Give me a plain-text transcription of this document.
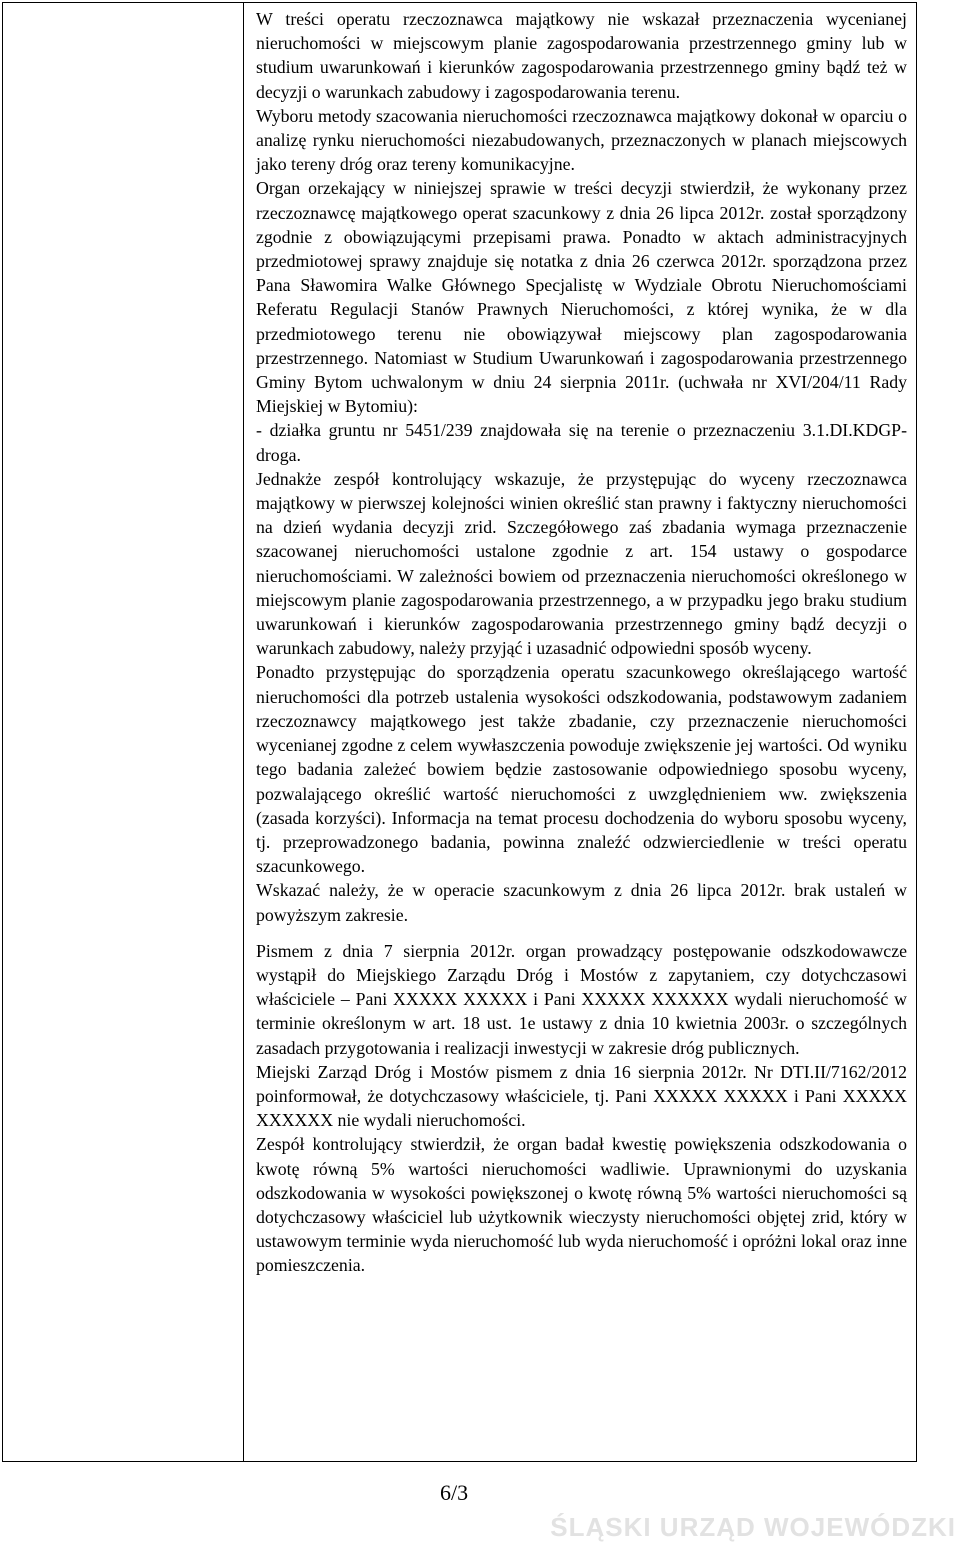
W treści operatu rzeczoznawca majątkowy nie wskazał przeznaczenia wycenianej nieruchomości w miejscowym planie zagospodarowania przestrzennego gminy lub w studium uwarunkowań i kierunków zagospodarowania przestrzennego gminy bądź też w decyzji o warunkach zabudowy i zagospodarowania terenu.

Wyboru metody szacowania nieruchomości rzeczoznawca majątkowy dokonał w oparciu o analizę rynku nieruchomości niezabudowanych, przeznaczonych w planach miejscowych jako tereny dróg oraz tereny komunikacyjne.

Organ orzekający w niniejszej sprawie w treści decyzji stwierdził, że wykonany przez rzeczoznawcę majątkowego operat szacunkowy z dnia 26 lipca 2012r. został sporządzony zgodnie z obowiązującymi przepisami prawa. Ponadto w aktach administracyjnych przedmiotowej sprawy znajduje się notatka z dnia 26 czerwca 2012r. sporządzona przez Pana Sławomira Walke Głównego Specjalistę w Wydziale Obrotu Nieruchomościami Referatu Regulacji Stanów Prawnych Nieruchomości, z której wynika, że w dla przedmiotowego terenu nie obowiązywał miejscowy plan zagospodarowania przestrzennego. Natomiast w Studium Uwarunkowań i zagospodarowania przestrzennego Gminy Bytom uchwalonym w dniu 24 sierpnia 2011r. (uchwała nr XVI/204/11 Rady Miejskiej w Bytomiu):

- działka gruntu nr 5451/239 znajdowała się na terenie o przeznaczeniu 3.1.DI.KDGP-droga.

Jednakże zespół kontrolujący wskazuje, że przystępując do wyceny rzeczoznawca majątkowy w pierwszej kolejności winien określić stan prawny i faktyczny nieruchomości na dzień wydania decyzji zrid. Szczegółowego zaś zbadania wymaga przeznaczenie szacowanej nieruchomości ustalone zgodnie z art. 154 ustawy o gospodarce nieruchomościami. W zależności bowiem od przeznaczenia nieruchomości określonego w miejscowym planie zagospodarowania przestrzennego, a w przypadku jego braku studium uwarunkowań i kierunków zagospodarowania przestrzennego gminy bądź decyzji o warunkach zabudowy, należy przyjąć i uzasadnić odpowiedni sposób wyceny.

Ponadto przystępując do sporządzenia operatu szacunkowego określającego wartość nieruchomości dla potrzeb ustalenia wysokości odszkodowania, podstawowym zadaniem rzeczoznawcy majątkowego jest także zbadanie, czy przeznaczenie nieruchomości wycenianej zgodne z celem wywłaszczenia powoduje zwiększenie jej wartości. Od wyniku tego badania zależeć bowiem będzie zastosowanie odpowiedniego sposobu wyceny, pozwalającego określić wartość nieruchomości z uwzględnieniem ww. zwiększenia (zasada korzyści). Informacja na temat procesu dochodzenia do wyboru sposobu wyceny, tj. przeprowadzonego badania, powinna znaleźć odzwierciedlenie w treści operatu szacunkowego.

Wskazać należy, że w operacie szacunkowym z dnia 26 lipca 2012r. brak ustaleń w powyższym zakresie.

Pismem z dnia 7 sierpnia 2012r. organ prowadzący postępowanie odszkodowawcze wystąpił do Miejskiego Zarządu Dróg i Mostów z zapytaniem, czy dotychczasowi właściciele – Pani XXXXX XXXXX i Pani XXXXX XXXXXX wydali nieruchomość w terminie określonym w art. 18 ust. 1e ustawy z dnia 10 kwietnia 2003r. o szczególnych zasadach przygotowania i realizacji inwestycji w zakresie dróg publicznych.

Miejski Zarząd Dróg i Mostów pismem z dnia 16 sierpnia 2012r. Nr DTI.II/7162/2012 poinformował, że dotychczasowy właściciele, tj. Pani XXXXX XXXXX i Pani XXXXX XXXXXX nie wydali nieruchomości.

Zespół kontrolujący stwierdził, że organ badał kwestię powiększenia odszkodowania o kwotę równą 5% wartości nieruchomości wadliwie. Uprawnionymi do uzyskania odszkodowania w wysokości powiększonej o kwotę równą 5% wartości nieruchomości są dotychczasowy właściciel lub użytkownik wieczysty nieruchomości objętej zrid, który w ustawowym terminie wyda nieruchomość lub wyda nieruchomość i opróżni lokal oraz inne pomieszczenia.

6/3
ŚLĄSKI URZĄD WOJEWÓDZKI
